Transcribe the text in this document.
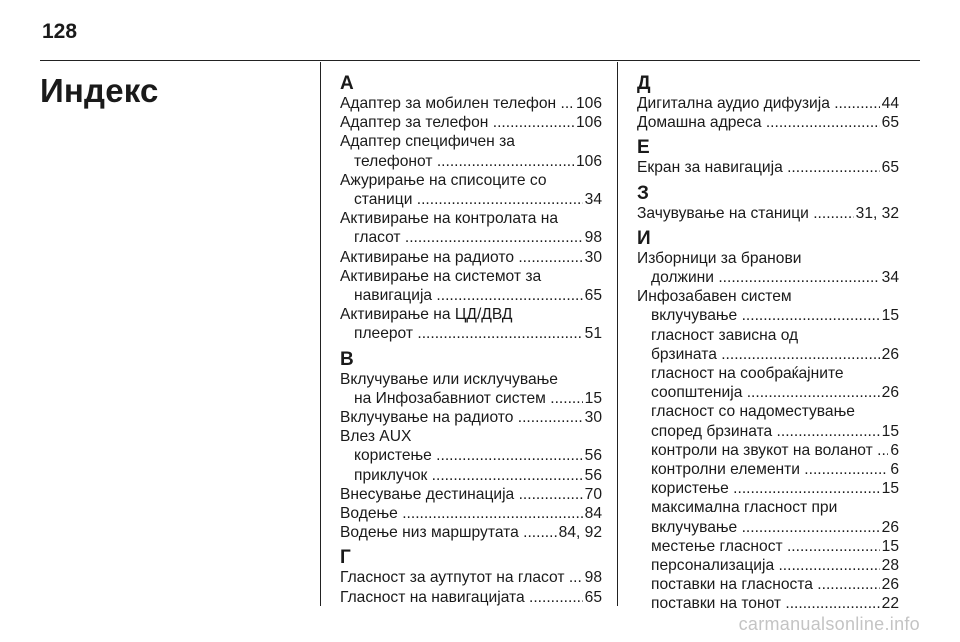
128
Индекс	А
Адаптер за мобилен телефон .....	106
Адаптер за телефон .....	106
Адаптер специфичен за
телефонот .....	106
Ажурирање на списоците со
станици .....	34
Активирање на контролата на
гласот .....	98
Активирање на радиото .....	30
Активирање на системот за
навигација .....	65
Активирање на ЦД/ДВД
плеерот .....	51
В
Вклучување или исклучување
на Инфозабавниот систем .....	15
Вклучување на радиото .....	30
Влез AUX
користење .....	56
приклучок .....	56
Внесување дестинација .....	70
Водење .....	84
Водење низ маршрутата .....	84, 92
Г
Гласност за аутпутот на гласот .....	98
Гласност на навигацијата .....	65
Д
Дигитална аудио дифузија .....	44
Домашна адреса .....	65
Е
Екран за навигација .....	65
З
Зачувување на станици .....	31, 32
И
Изборници за бранови
должини .....	34
Инфозабавен систем
вклучување .....	15
гласност зависна од
брзината .....	26
гласност на сообраќајните
соопштенија .....	26
гласност со надоместување
според брзината .....	15
контроли на звукот на воланот .....	6
контролни елементи .....	6
користење .....	15
максимална гласност при
вклучување .....	26
местење гласност .....	15
персонализација .....	28
поставки на гласноста .....	26
поставки на тонот .....	22
carmanualsonline.info
